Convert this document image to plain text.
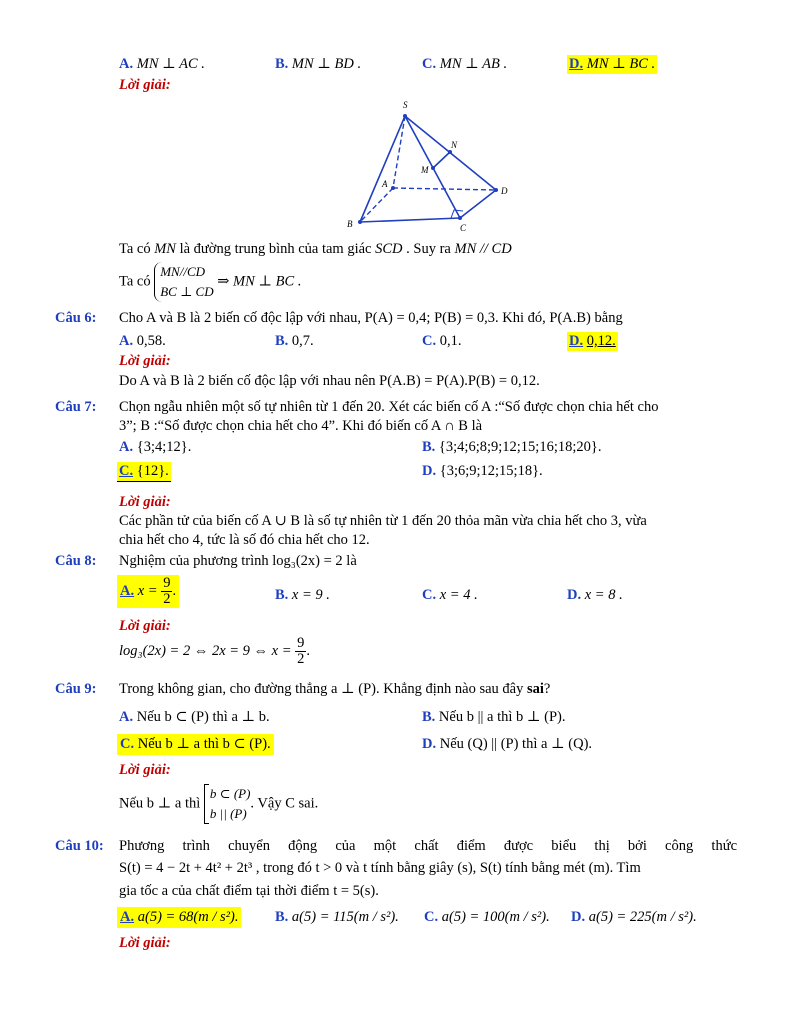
A. MN ⊥ AC .	B. MN ⊥ BD .	C. MN ⊥ AB .	D. MN ⊥ BC .
Lời giải:
S
N
M
A
D
B	C
Ta có MN là đường trung bình của tam giác SCD . Suy ra MN // CD
Ta có
MN//CD
BC ⊥ CD
⇒ MN ⊥ BC .
Câu 6: Cho A và B là 2 biến cố độc lập với nhau, P(A) = 0,4; P(B) = 0,3. Khi đó, P(A.B) bằng
A. 0,58.	B. 0,7.	C. 0,1.	D. 0,12.
Lời giải:
Do A và B là 2 biến cố độc lập với nhau nên P(A.B) = P(A).P(B) = 0,12.
Câu 7: Chọn ngẫu nhiên một số tự nhiên từ 1 đến 20. Xét các biến cố A :“Số được chọn chia hết cho
3”; B :“Số được chọn chia hết cho 4”. Khi đó biến cố A ∩ B là
A. {3;4;12}.	B. {3;4;6;8;9;12;15;16;18;20}.
C. {12}.	D. {3;6;9;12;15;18}.
Lời giải:
Các phần tử của biến cố A ∪ B là số tự nhiên từ 1 đến 20 thỏa mãn vừa chia hết cho 3, vừa
chia hết cho 4, tức là số đó chia hết cho 12.
Câu 8: Nghiệm của phương trình log₃(2x) = 2 là
A. $x = \frac{9}{2}$ .	B. x = 9 .	C. x = 4 .	D. x = 8 .
Lời giải:
log₃(2x) = 2 ⇔ 2x = 9 ⇔ $x = \frac{9}{2}$ .
Câu 9: Trong không gian, cho đường thẳng a ⊥ (P). Khẳng định nào sau đây sai?
A. Nếu b ⊂ (P) thì a ⊥ b.	B. Nếu b || a thì b ⊥ (P).
C. Nếu b ⊥ a thì b ⊂ (P).	D. Nếu (Q) || (P) thì a ⊥ (Q).
Lời giải:
Nếu b ⊥ a thì
b ⊂ (P)
b || (P)
. Vậy C sai.
Câu 10: Phương trình chuyển động của một chất điểm được biểu thị bởi công thức
S(t) = 4 − 2t + 4t² + 2t³ , trong đó t > 0 và t tính bằng giây (s), S(t) tính bằng mét (m). Tìm
gia tốc a của chất điểm tại thời điểm t = 5(s).
A. a(5) = 68(m / s²).	B. a(5) = 115(m / s²). C. a(5) = 100(m / s²). D. a(5) = 225(m / s²).
Lời giải:
